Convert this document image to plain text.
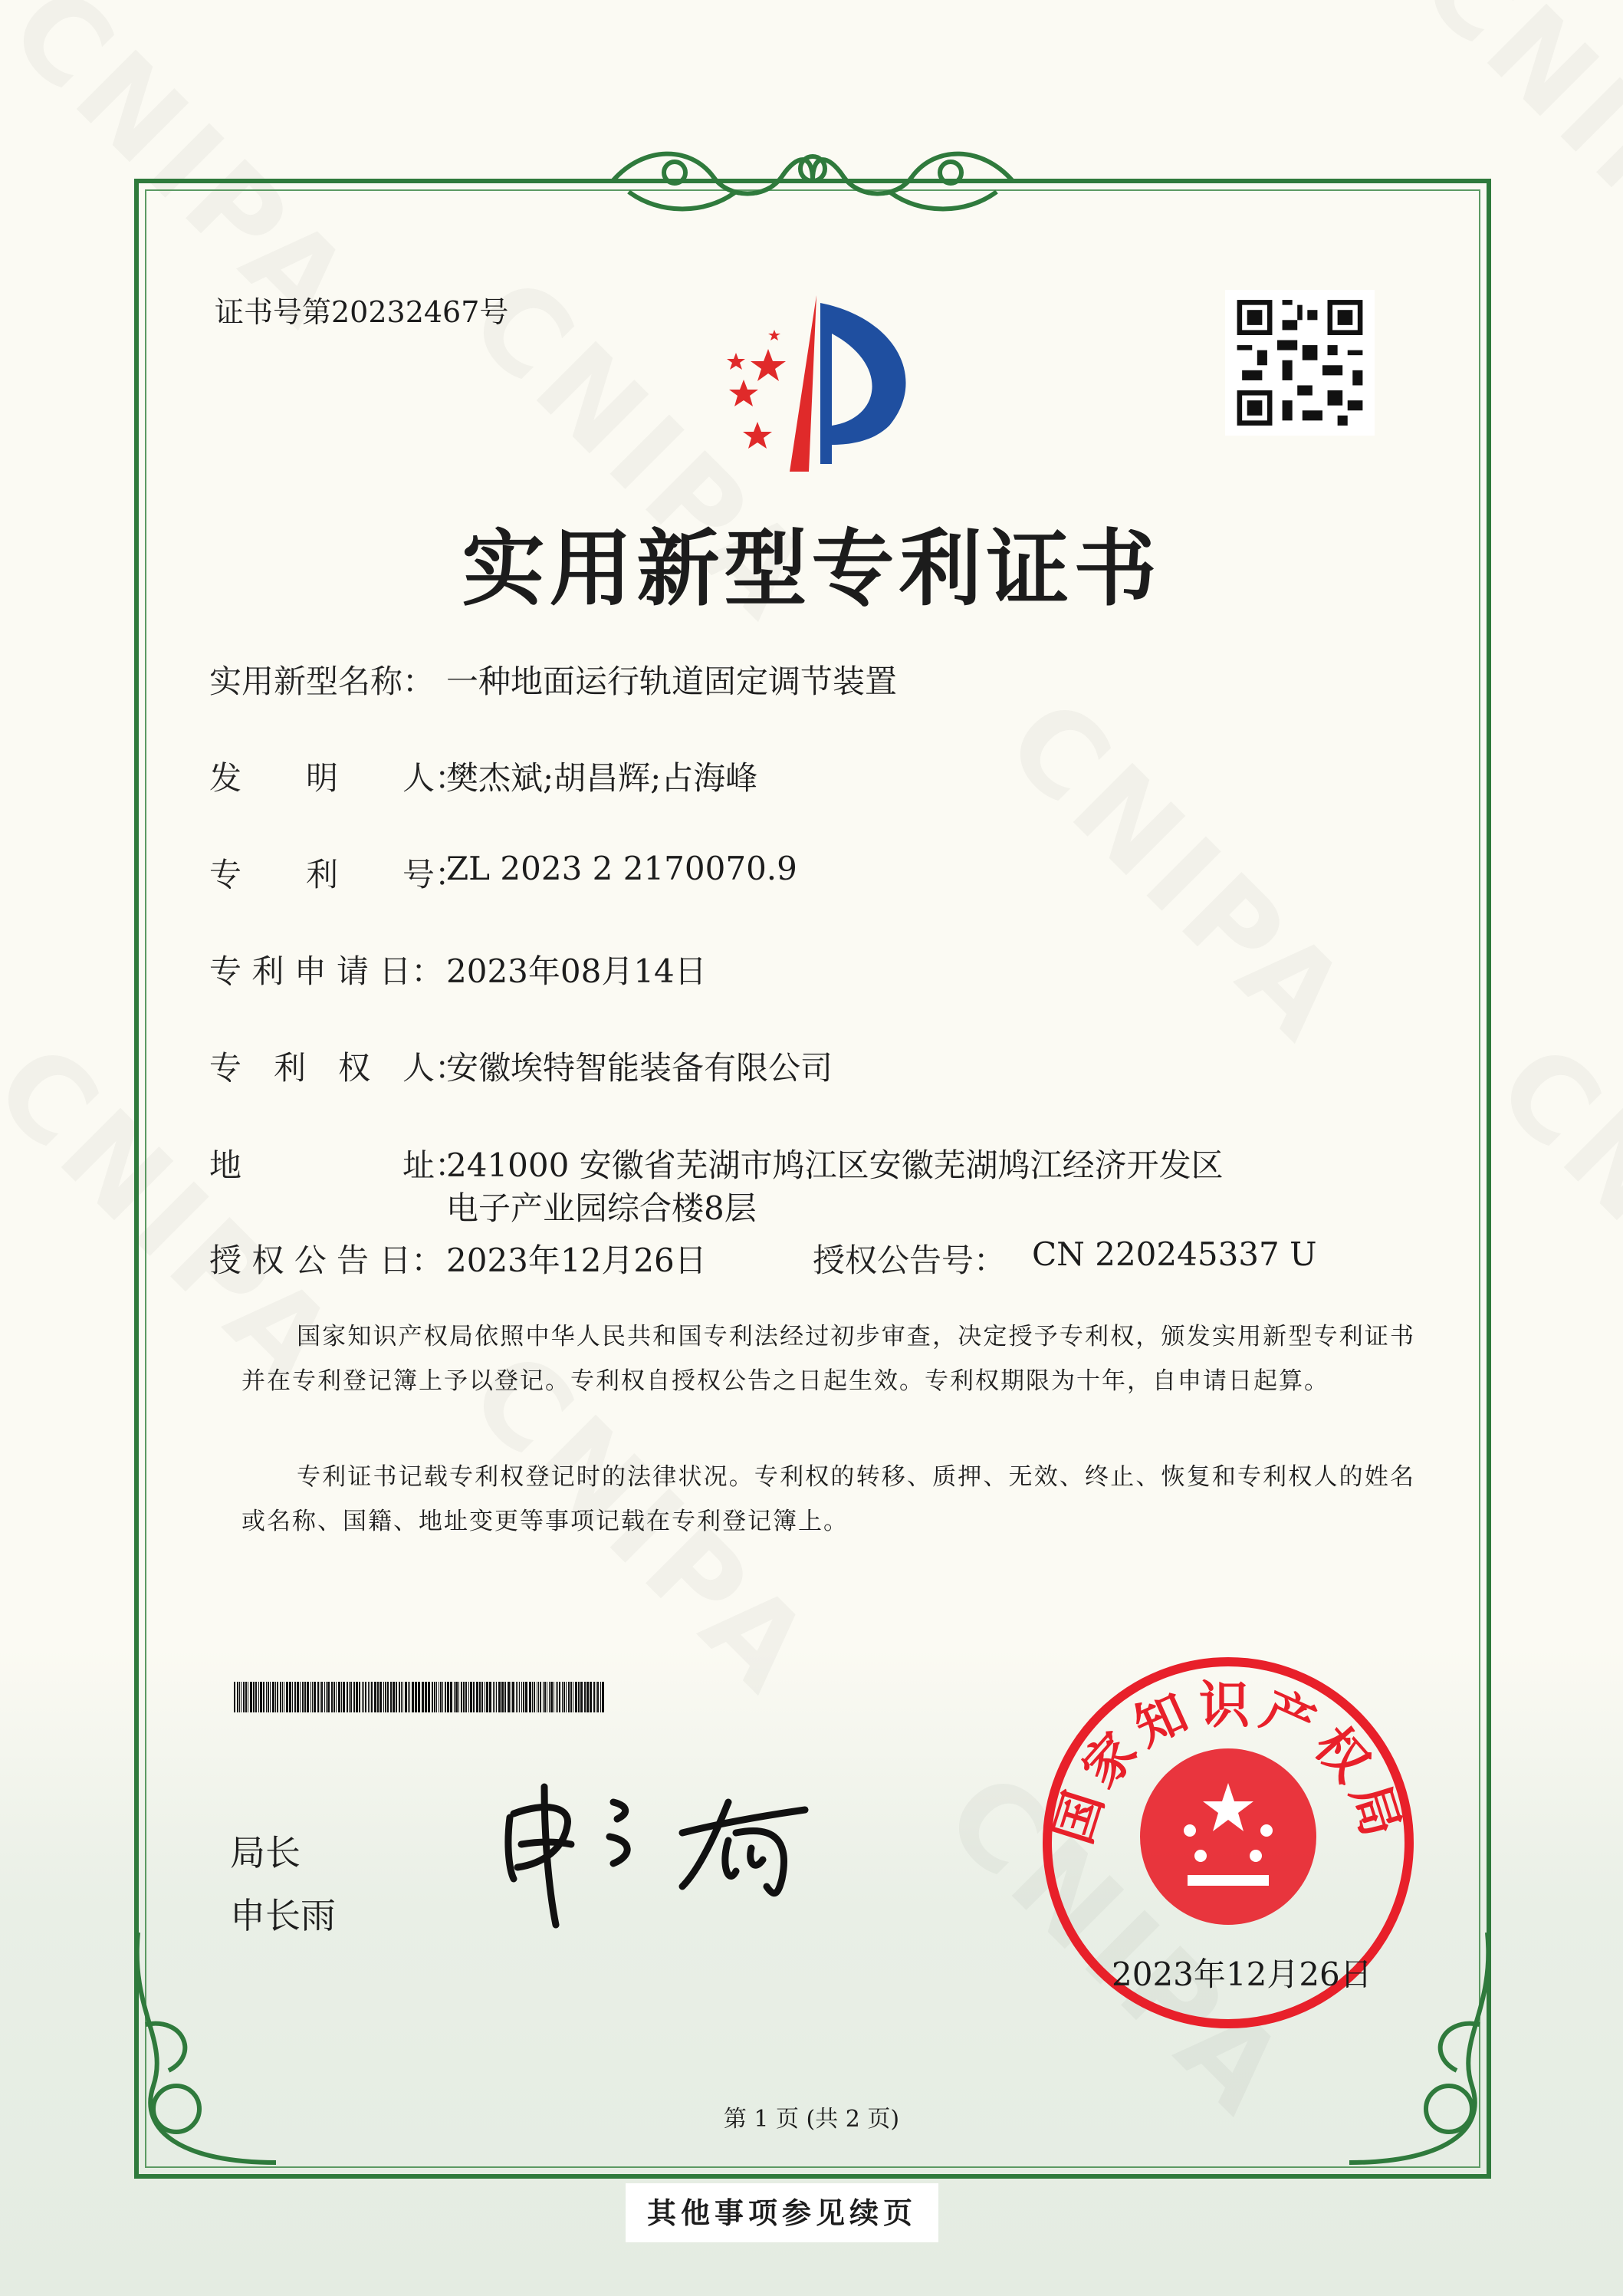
证书号第20232467号
实用新型专利证书
实用新型名称： 一种地面运行轨道固定调节装置
发　　明　　人：
樊杰斌;胡昌辉;占海峰
专　　利　　号：
ZL 2023 2 2170070.9
专 利 申 请 日： 2023年08月14日
专　利　权　人：
安徽埃特智能装备有限公司
地　　　　　址：
241000 安徽省芜湖市鸠江区安徽芜湖鸠江经济开发区
电子产业园综合楼8层
授 权 公 告 日： 2023年12月26日	授权公告号： CN 220245337 U
国家知识产权局依照中华人民共和国专利法经过初步审查，决定授予专利权，颁发实用新型专利证书并在专利登记簿上予以登记。专利权自授权公告之日起生效。专利权期限为十年，自申请日起算。
专利证书记载专利权登记时的法律状况。专利权的转移、质押、无效、终止、恢复和专利权人的姓名或名称、国籍、地址变更等事项记载在专利登记簿上。
局长
申长雨
国家知识产权局
2023年12月26日
第 1 页 (共 2 页)
其他事项参见续页
